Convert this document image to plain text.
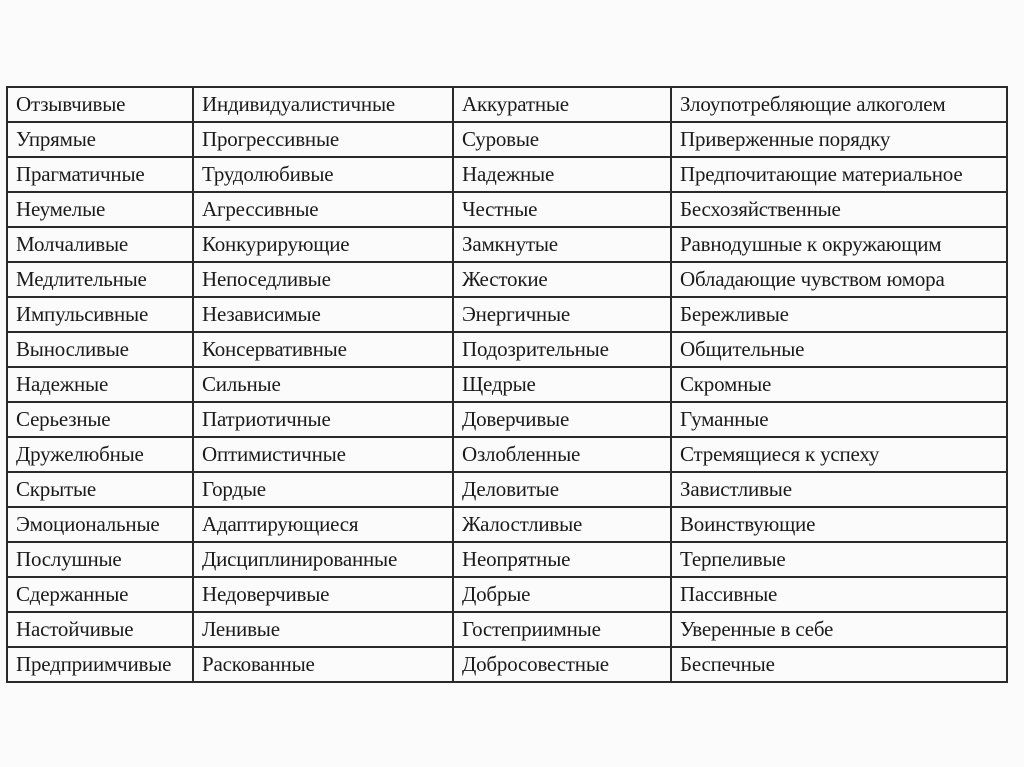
Отзывчивые	Индивидуалистичные	Аккуратные	Злоупотребляющие алкоголем
Упрямые	Прогрессивные	Суровые	Приверженные порядку
Прагматичные	Трудолюбивые	Надежные	Предпочитающие материальное
Неумелые	Агрессивные	Честные	Бесхозяйственные
Молчаливые	Конкурирующие	Замкнутые	Равнодушные к окружающим
Медлительные	Непоседливые	Жестокие	Обладающие чувством юмора
Импульсивные	Независимые	Энергичные	Бережливые
Выносливые	Консервативные	Подозрительные	Общительные
Надежные	Сильные	Щедрые	Скромные
Серьезные	Патриотичные	Доверчивые	Гуманные
Дружелюбные	Оптимистичные	Озлобленные	Стремящиеся к успеху
Скрытые	Гордые	Деловитые	Завистливые
Эмоциональные	Адаптирующиеся	Жалостливые	Воинствующие
Послушные	Дисциплинированные	Неопрятные	Терпеливые
Сдержанные	Недоверчивые	Добрые	Пассивные
Настойчивые	Ленивые	Гостеприимные	Уверенные в себе
Предприимчивые	Раскованные	Добросовестные	Беспечные
